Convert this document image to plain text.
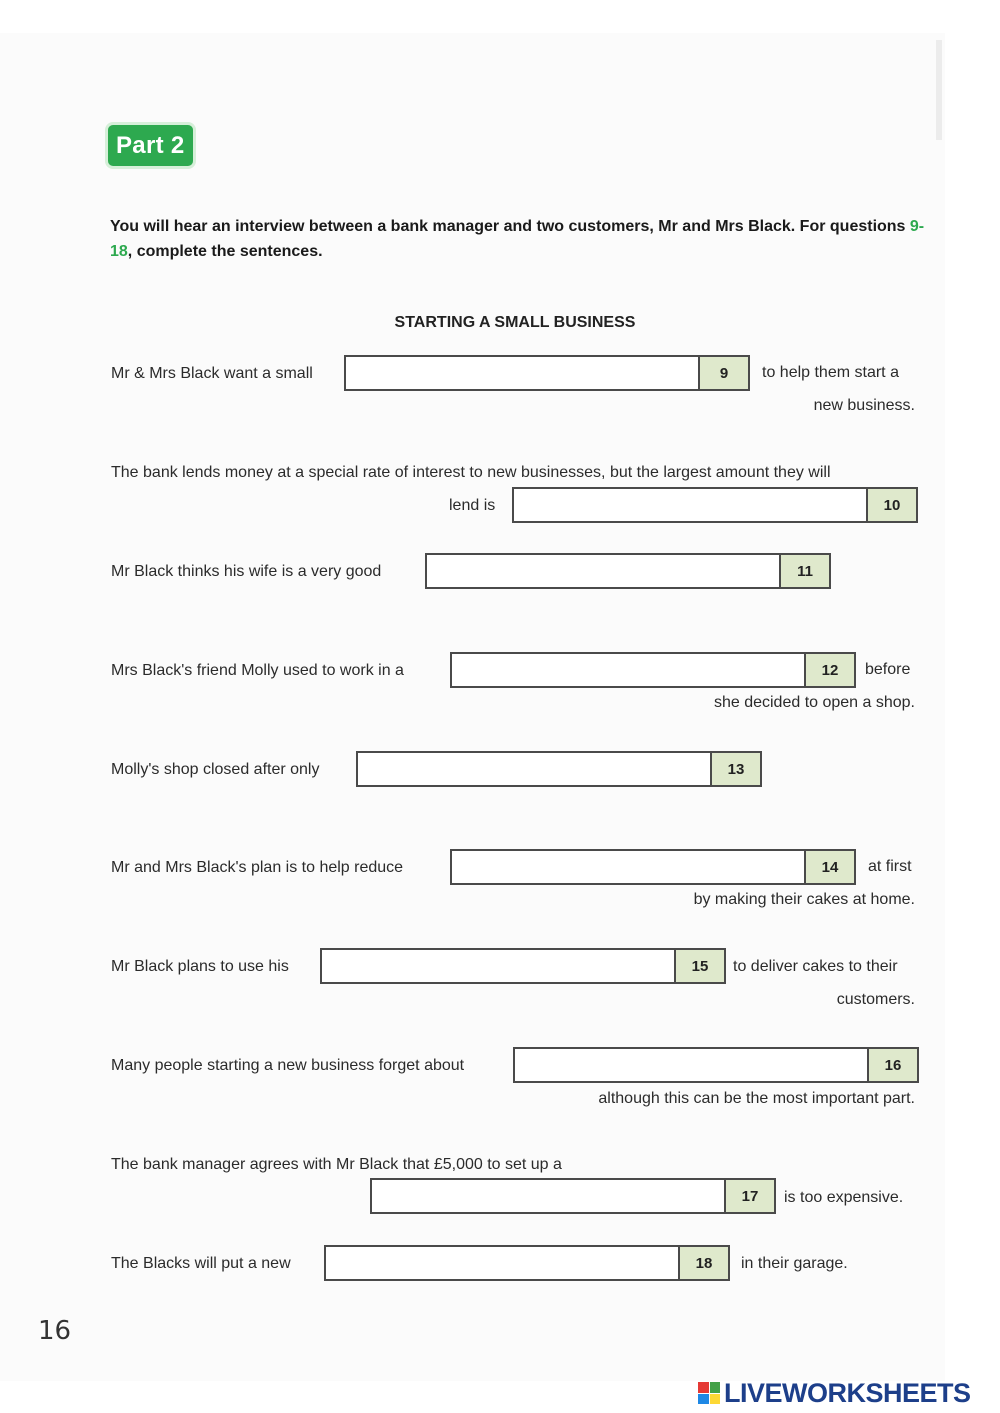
Part 2
You will hear an interview between a bank manager and two customers, Mr and Mrs Black. For questions 9-18, complete the sentences.
STARTING A SMALL BUSINESS
Mr & Mrs Black want a small	9	to help them start a
new business.
The bank lends money at a special rate of interest to new businesses, but the largest amount they will
lend is	10
Mr Black thinks his wife is a very good	11
Mrs Black's friend Molly used to work in a	12	before
she decided to open a shop.
Molly's shop closed after only	13
Mr and Mrs Black's plan is to help reduce	14	at first
by making their cakes at home.
Mr Black plans to use his	15	to deliver cakes to their
customers.
Many people starting a new business forget about	16
although this can be the most important part.
The bank manager agrees with Mr Black that £5,000 to set up a
17	is too expensive.
The Blacks will put a new	18	in their garage.
16
LIVEWORKSHEETS
